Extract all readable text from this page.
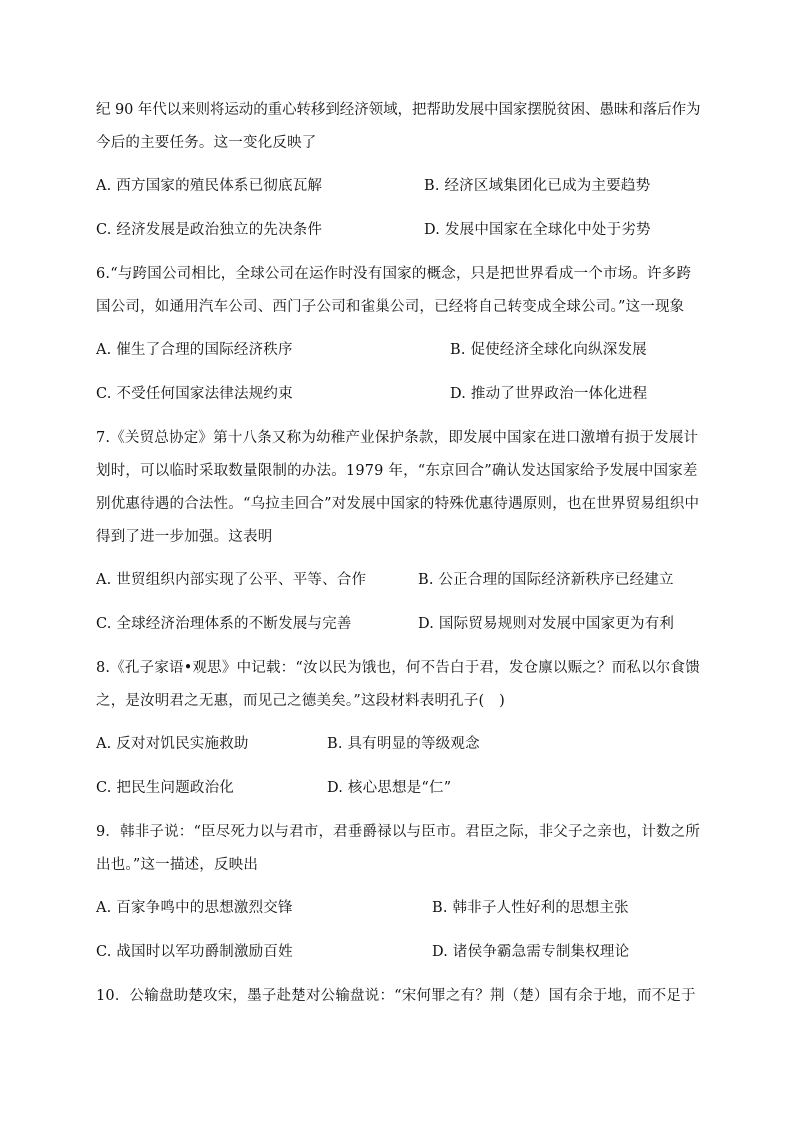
纪 90 年代以来则将运动的重心转移到经济领域，把帮助发展中国家摆脱贫困、愚昧和落后作为
今后的主要任务。这一变化反映了
A. 西方国家的殖民体系已彻底瓦解	B. 经济区域集团化已成为主要趋势
C. 经济发展是政治独立的先决条件	D. 发展中国家在全球化中处于劣势
6.“与跨国公司相比，全球公司在运作时没有国家的概念，只是把世界看成一个市场。许多跨
国公司，如通用汽车公司、西门子公司和雀巢公司，已经将自己转变成全球公司。”这一现象
A. 催生了合理的国际经济秩序	B. 促使经济全球化向纵深发展
C. 不受任何国家法律法规约束	D. 推动了世界政治一体化进程
7.《关贸总协定》第十八条又称为幼稚产业保护条款，即发展中国家在进口激增有损于发展计
划时，可以临时采取数量限制的办法。1979 年，“东京回合”确认发达国家给予发展中国家差
别优惠待遇的合法性。“乌拉圭回合”对发展中国家的特殊优惠待遇原则，也在世界贸易组织中
得到了进一步加强。这表明
A. 世贸组织内部实现了公平、平等、合作	B. 公正合理的国际经济新秩序已经建立
C. 全球经济治理体系的不断发展与完善	D. 国际贸易规则对发展中国家更为有利
8.《孔子家语•观思》中记载：“汝以民为饿也，何不告白于君，发仓廪以赈之？而私以尔食馈
之，是汝明君之无惠，而见己之德美矣。”这段材料表明孔子(　)
A. 反对对饥民实施救助	B. 具有明显的等级观念
C. 把民生问题政治化	D. 核心思想是“仁”
9．韩非子说：“臣尽死力以与君市，君垂爵禄以与臣市。君臣之际，非父子之亲也，计数之所
出也。”这一描述，反映出
A. 百家争鸣中的思想激烈交锋	B. 韩非子人性好利的思想主张
C. 战国时以军功爵制激励百姓	D. 诸侯争霸急需专制集权理论
10．公输盘助楚攻宋，墨子赴楚对公输盘说：“宋何罪之有？荆（楚）国有余于地，而不足于
